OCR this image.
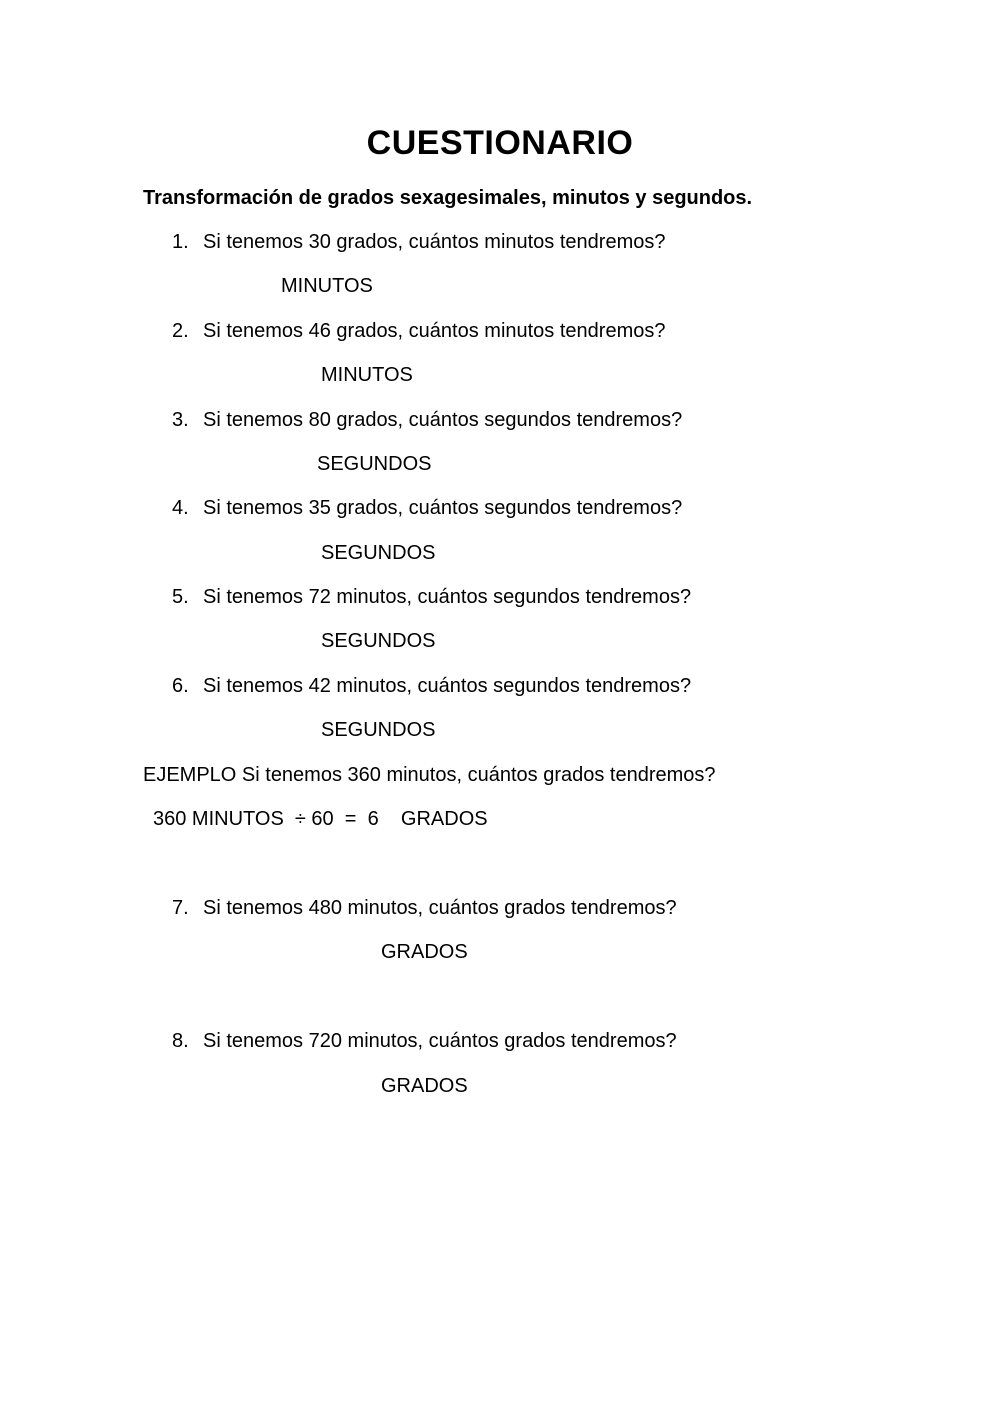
CUESTIONARIO
Transformación de grados sexagesimales, minutos y segundos.
1. Si tenemos 30 grados, cuántos minutos tendremos?
MINUTOS
2. Si tenemos 46 grados, cuántos minutos tendremos?
MINUTOS
3. Si tenemos 80 grados, cuántos segundos tendremos?
SEGUNDOS
4. Si tenemos 35 grados, cuántos segundos tendremos?
SEGUNDOS
5. Si tenemos 72 minutos, cuántos segundos tendremos?
SEGUNDOS
6. Si tenemos 42 minutos, cuántos segundos tendremos?
SEGUNDOS
EJEMPLO Si tenemos 360 minutos, cuántos grados tendremos?
360 MINUTOS  ÷ 60  =  6    GRADOS
7. Si tenemos 480 minutos, cuántos grados tendremos?
GRADOS
8. Si tenemos 720 minutos, cuántos grados tendremos?
GRADOS
